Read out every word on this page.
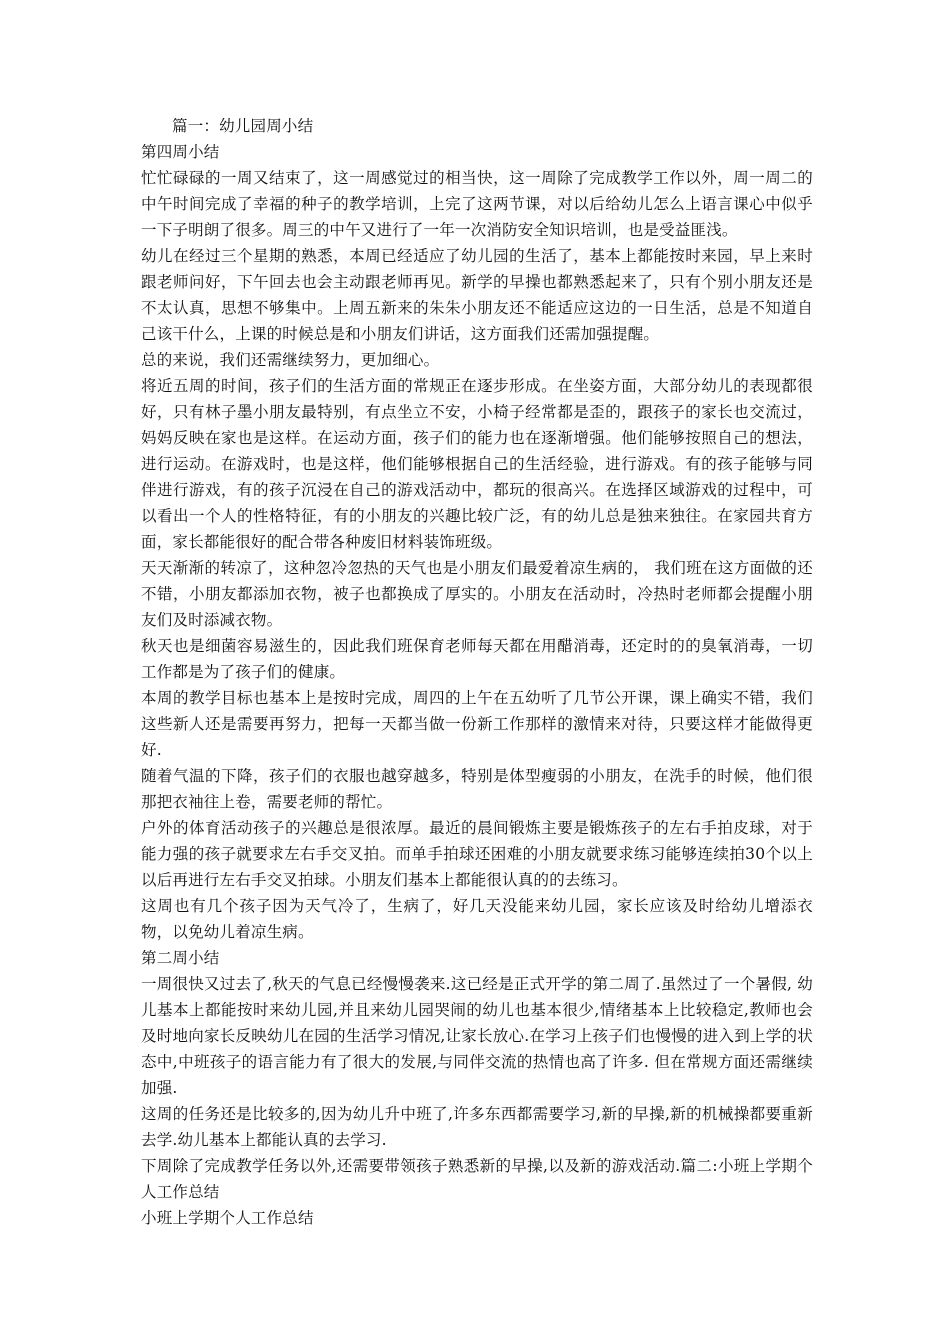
篇一：幼儿园周小结

第四周小结

忙忙碌碌的一周又结束了，这一周感觉过的相当快，这一周除了完成教学工作以外，周一周二的中午时间完成了幸福的种子的教学培训，上完了这两节课，对以后给幼儿怎么上语言课心中似乎一下子明朗了很多。周三的中午又进行了一年一次消防安全知识培训，也是受益匪浅。

幼儿在经过三个星期的熟悉，本周已经适应了幼儿园的生活了，基本上都能按时来园，早上来时跟老师问好，下午回去也会主动跟老师再见。新学的早操也都熟悉起来了，只有个别小朋友还是不太认真，思想不够集中。上周五新来的朱朱小朋友还不能适应这边的一日生活，总是不知道自己该干什么，上课的时候总是和小朋友们讲话，这方面我们还需加强提醒。

总的来说，我们还需继续努力，更加细心。

将近五周的时间，孩子们的生活方面的常规正在逐步形成。在坐姿方面，大部分幼儿的表现都很好，只有林子墨小朋友最特别，有点坐立不安，小椅子经常都是歪的，跟孩子的家长也交流过，妈妈反映在家也是这样。在运动方面，孩子们的能力也在逐渐增强。他们能够按照自己的想法，进行运动。在游戏时，也是这样，他们能够根据自己的生活经验，进行游戏。有的孩子能够与同伴进行游戏，有的孩子沉浸在自己的游戏活动中，都玩的很高兴。在选择区域游戏的过程中，可以看出一个人的性格特征，有的小朋友的兴趣比较广泛，有的幼儿总是独来独往。在家园共育方面，家长都能很好的配合带各种废旧材料装饰班级。

天天渐渐的转凉了，这种忽冷忽热的天气也是小朋友们最爱着凉生病的， 我们班在这方面做的还不错，小朋友都添加衣物，被子也都换成了厚实的。小朋友在活动时，冷热时老师都会提醒小朋友们及时添减衣物。

秋天也是细菌容易滋生的，因此我们班保育老师每天都在用醋消毒，还定时的的臭氧消毒，一切工作都是为了孩子们的健康。

本周的教学目标也基本上是按时完成，周四的上午在五幼听了几节公开课，课上确实不错，我们这些新人还是需要再努力，把每一天都当做一份新工作那样的激情来对待，只要这样才能做得更好.

随着气温的下降，孩子们的衣服也越穿越多，特别是体型瘦弱的小朋友，在洗手的时候，他们很那把衣袖往上卷，需要老师的帮忙。

户外的体育活动孩子的兴趣总是很浓厚。最近的晨间锻炼主要是锻炼孩子的左右手拍皮球，对于能力强的孩子就要求左右手交叉拍。而单手拍球还困难的小朋友就要求练习能够连续拍30个以上以后再进行左右手交叉拍球。小朋友们基本上都能很认真的的去练习。

这周也有几个孩子因为天气冷了，生病了，好几天没能来幼儿园，家长应该及时给幼儿增添衣物，以免幼儿着凉生病。

第二周小结

一周很快又过去了,秋天的气息已经慢慢袭来.这已经是正式开学的第二周了.虽然过了一个暑假, 幼儿基本上都能按时来幼儿园,并且来幼儿园哭闹的幼儿也基本很少,情绪基本上比较稳定,教师也会及时地向家长反映幼儿在园的生活学习情况,让家长放心.在学习上孩子们也慢慢的进入到上学的状态中,中班孩子的语言能力有了很大的发展,与同伴交流的热情也高了许多. 但在常规方面还需继续加强.

这周的任务还是比较多的,因为幼儿升中班了,许多东西都需要学习,新的早操,新的机械操都要重新去学.幼儿基本上都能认真的去学习.

下周除了完成教学任务以外,还需要带领孩子熟悉新的早操,以及新的游戏活动.篇二:小班上学期个人工作总结

小班上学期个人工作总结
